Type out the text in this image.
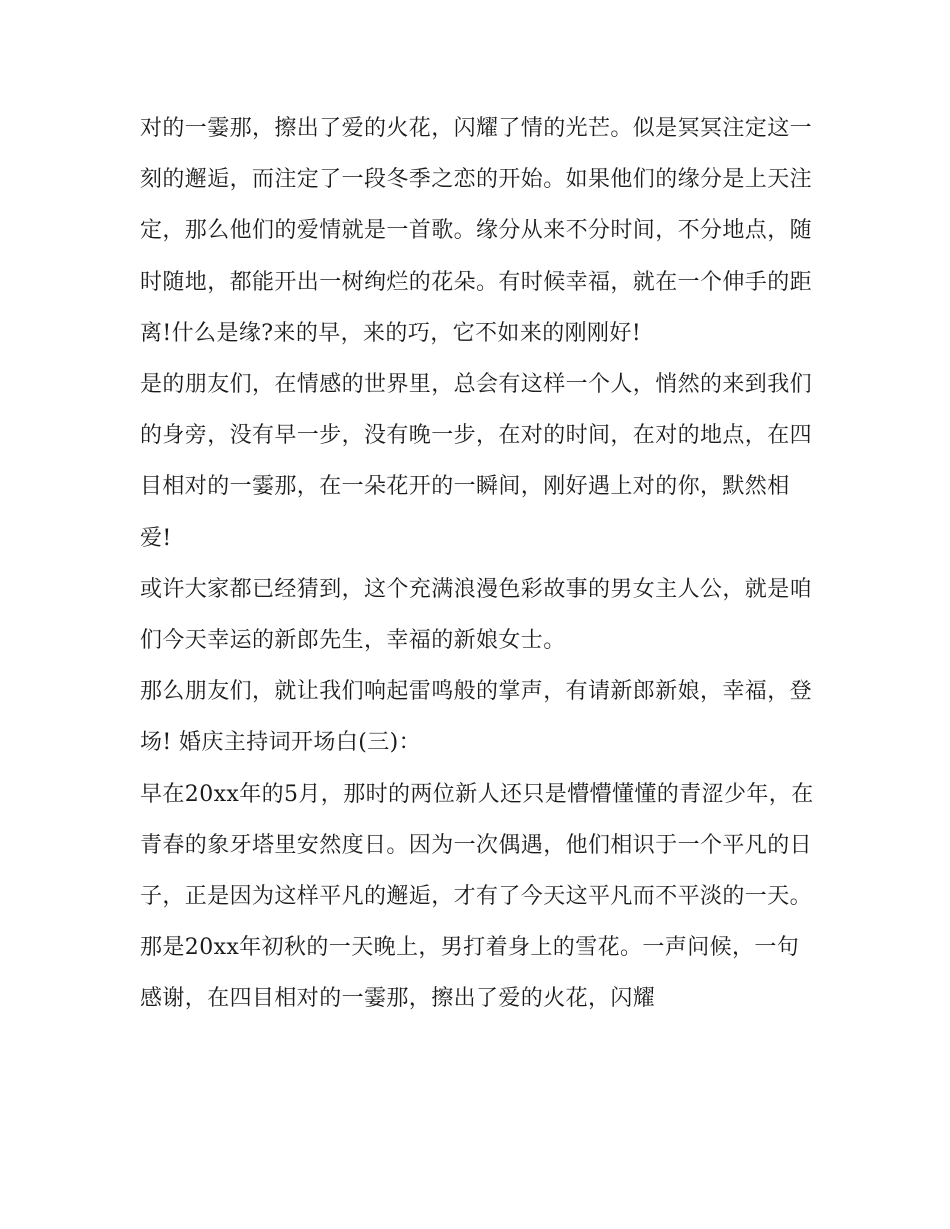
对的一霎那，擦出了爱的火花，闪耀了情的光芒。似是冥冥注定这一刻的邂逅，而注定了一段冬季之恋的开始。如果他们的缘分是上天注定，那么他们的爱情就是一首歌。缘分从来不分时间，不分地点，随时随地，都能开出一树绚烂的花朵。有时候幸福，就在一个伸手的距离!什么是缘?来的早，来的巧，它不如来的刚刚好!

是的朋友们，在情感的世界里，总会有这样一个人，悄然的来到我们的身旁，没有早一步，没有晚一步，在对的时间，在对的地点，在四目相对的一霎那，在一朵花开的一瞬间，刚好遇上对的你，默然相爱!

或许大家都已经猜到，这个充满浪漫色彩故事的男女主人公，就是咱们今天幸运的新郎先生，幸福的新娘女士。

那么朋友们，就让我们响起雷鸣般的掌声，有请新郎新娘，幸福，登场! 婚庆主持词开场白(三)：

早在20xx年的5月，那时的两位新人还只是懵懵懂懂的青涩少年，在青春的象牙塔里安然度日。因为一次偶遇，他们相识于一个平凡的日子，正是因为这样平凡的邂逅，才有了今天这平凡而不平淡的一天。

那是20xx年初秋的一天晚上，男打着身上的雪花。一声问候，一句感谢，在四目相对的一霎那，擦出了爱的火花，闪耀
